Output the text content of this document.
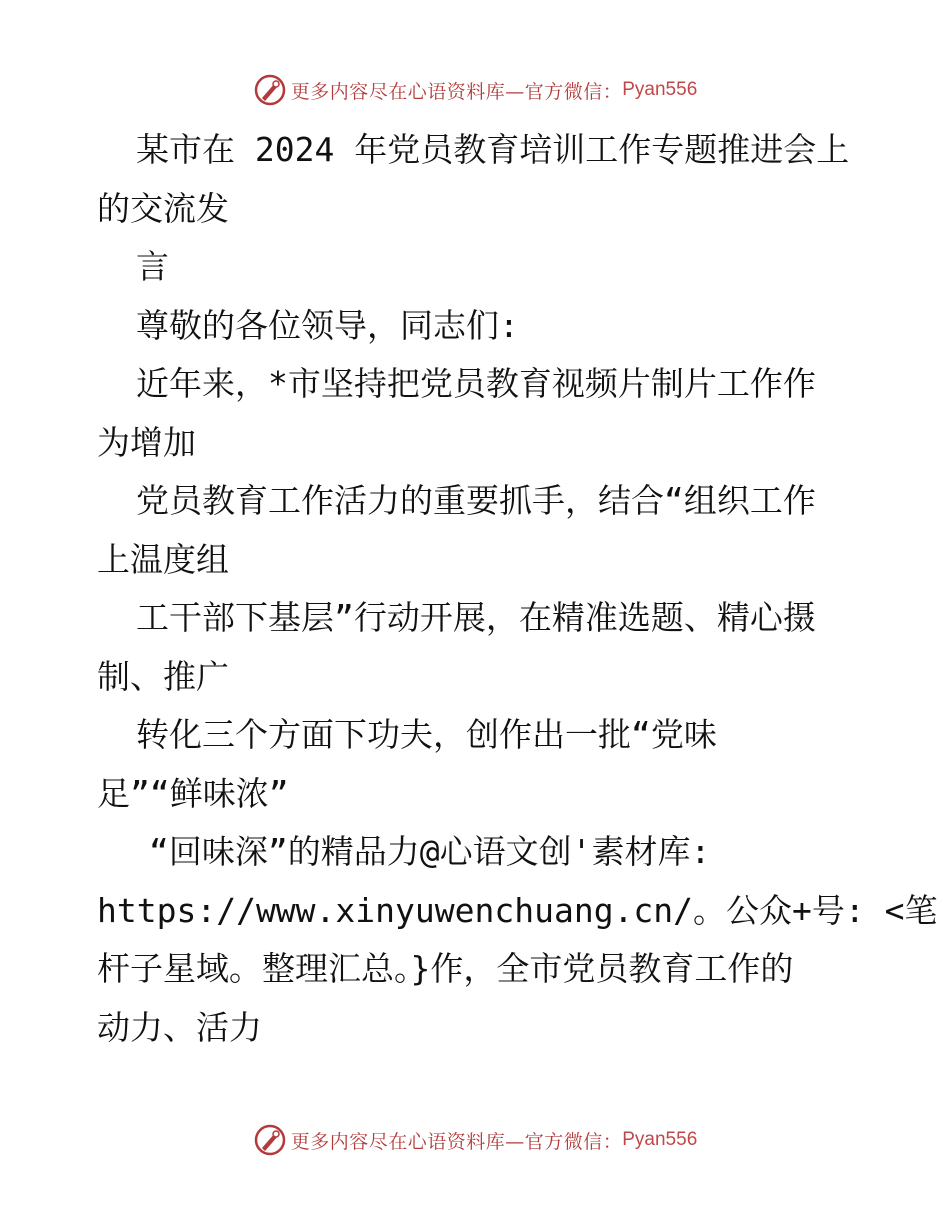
更多内容尽在心语资料库—官方微信： Pyan556
某市在 2024 年党员教育培训工作专题推进会上
的交流发
言
尊敬的各位领导，同志们:
近年来，*市坚持把党员教育视频片制片工作作
为增加
党员教育工作活力的重要抓手，结合“组织工作
上温度组
工干部下基层”行动开展，在精准选题、精心摄
制、推广
转化三个方面下功夫，创作出一批“党味
足”“鲜味浓”
“回味深”的精品力@心语文创'素材库:
https://www.xinyuwenchuang.cn/。公众+号: <笔
杆子星域。整理汇总。}作，全市党员教育工作的
动力、活力
更多内容尽在心语资料库—官方微信： Pyan556
